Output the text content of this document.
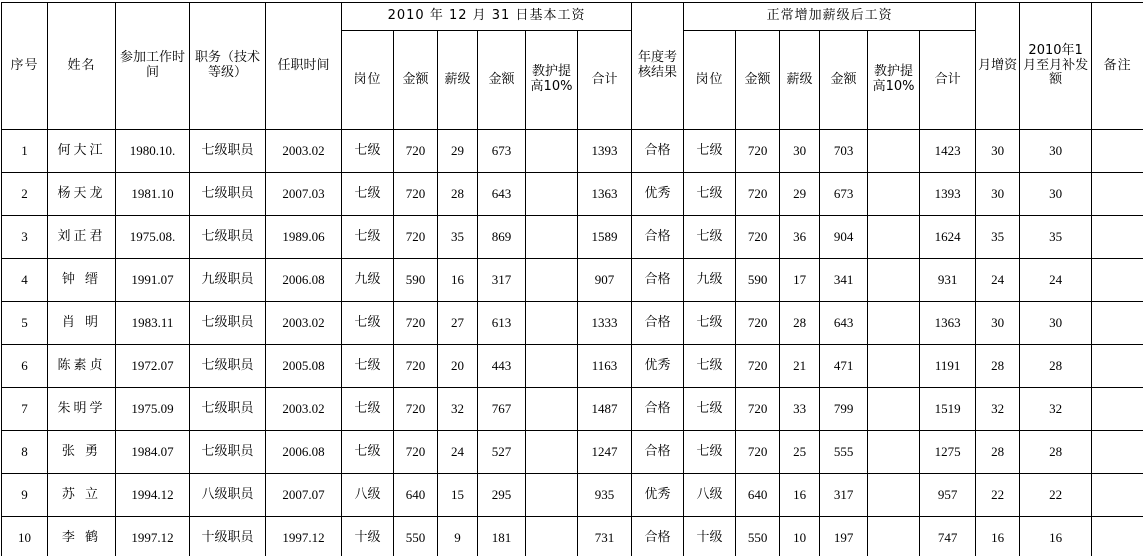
序号	姓名	参加工作时间	职务（技术等级）	任职时间	2010 年 12 月 31 日基本工资						年度考核结果	正常增加薪级后工资						月增资	2010年1月至月补发额	备注
					岗位	金额	薪级	金额	教护提高10%	合计		岗位	金额	薪级	金额	教护提高10%	合计			
1	何大江	1980.10.	七级职员	2003.02	七级	720	29	673		1393	合格	七级	720	30	703		1423	30	30	
2	杨天龙	1981.10	七级职员	2007.03	七级	720	28	643		1363	优秀	七级	720	29	673		1393	30	30	
3	刘正君	1975.08.	七级职员	1989.06	七级	720	35	869		1589	合格	七级	720	36	904		1624	35	35	
4	钟 缙	1991.07	九级职员	2006.08	九级	590	16	317		907	合格	九级	590	17	341		931	24	24	
5	肖 明	1983.11	七级职员	2003.02	七级	720	27	613		1333	合格	七级	720	28	643		1363	30	30	
6	陈素贞	1972.07	七级职员	2005.08	七级	720	20	443		1163	优秀	七级	720	21	471		1191	28	28	
7	朱明学	1975.09	七级职员	2003.02	七级	720	32	767		1487	合格	七级	720	33	799		1519	32	32	
8	张 勇	1984.07	七级职员	2006.08	七级	720	24	527		1247	合格	七级	720	25	555		1275	28	28	
9	苏 立	1994.12	八级职员	2007.07	八级	640	15	295		935	优秀	八级	640	16	317		957	22	22	
10	李 鹤	1997.12	十级职员	1997.12	十级	550	9	181		731	合格	十级	550	10	197		747	16	16	
